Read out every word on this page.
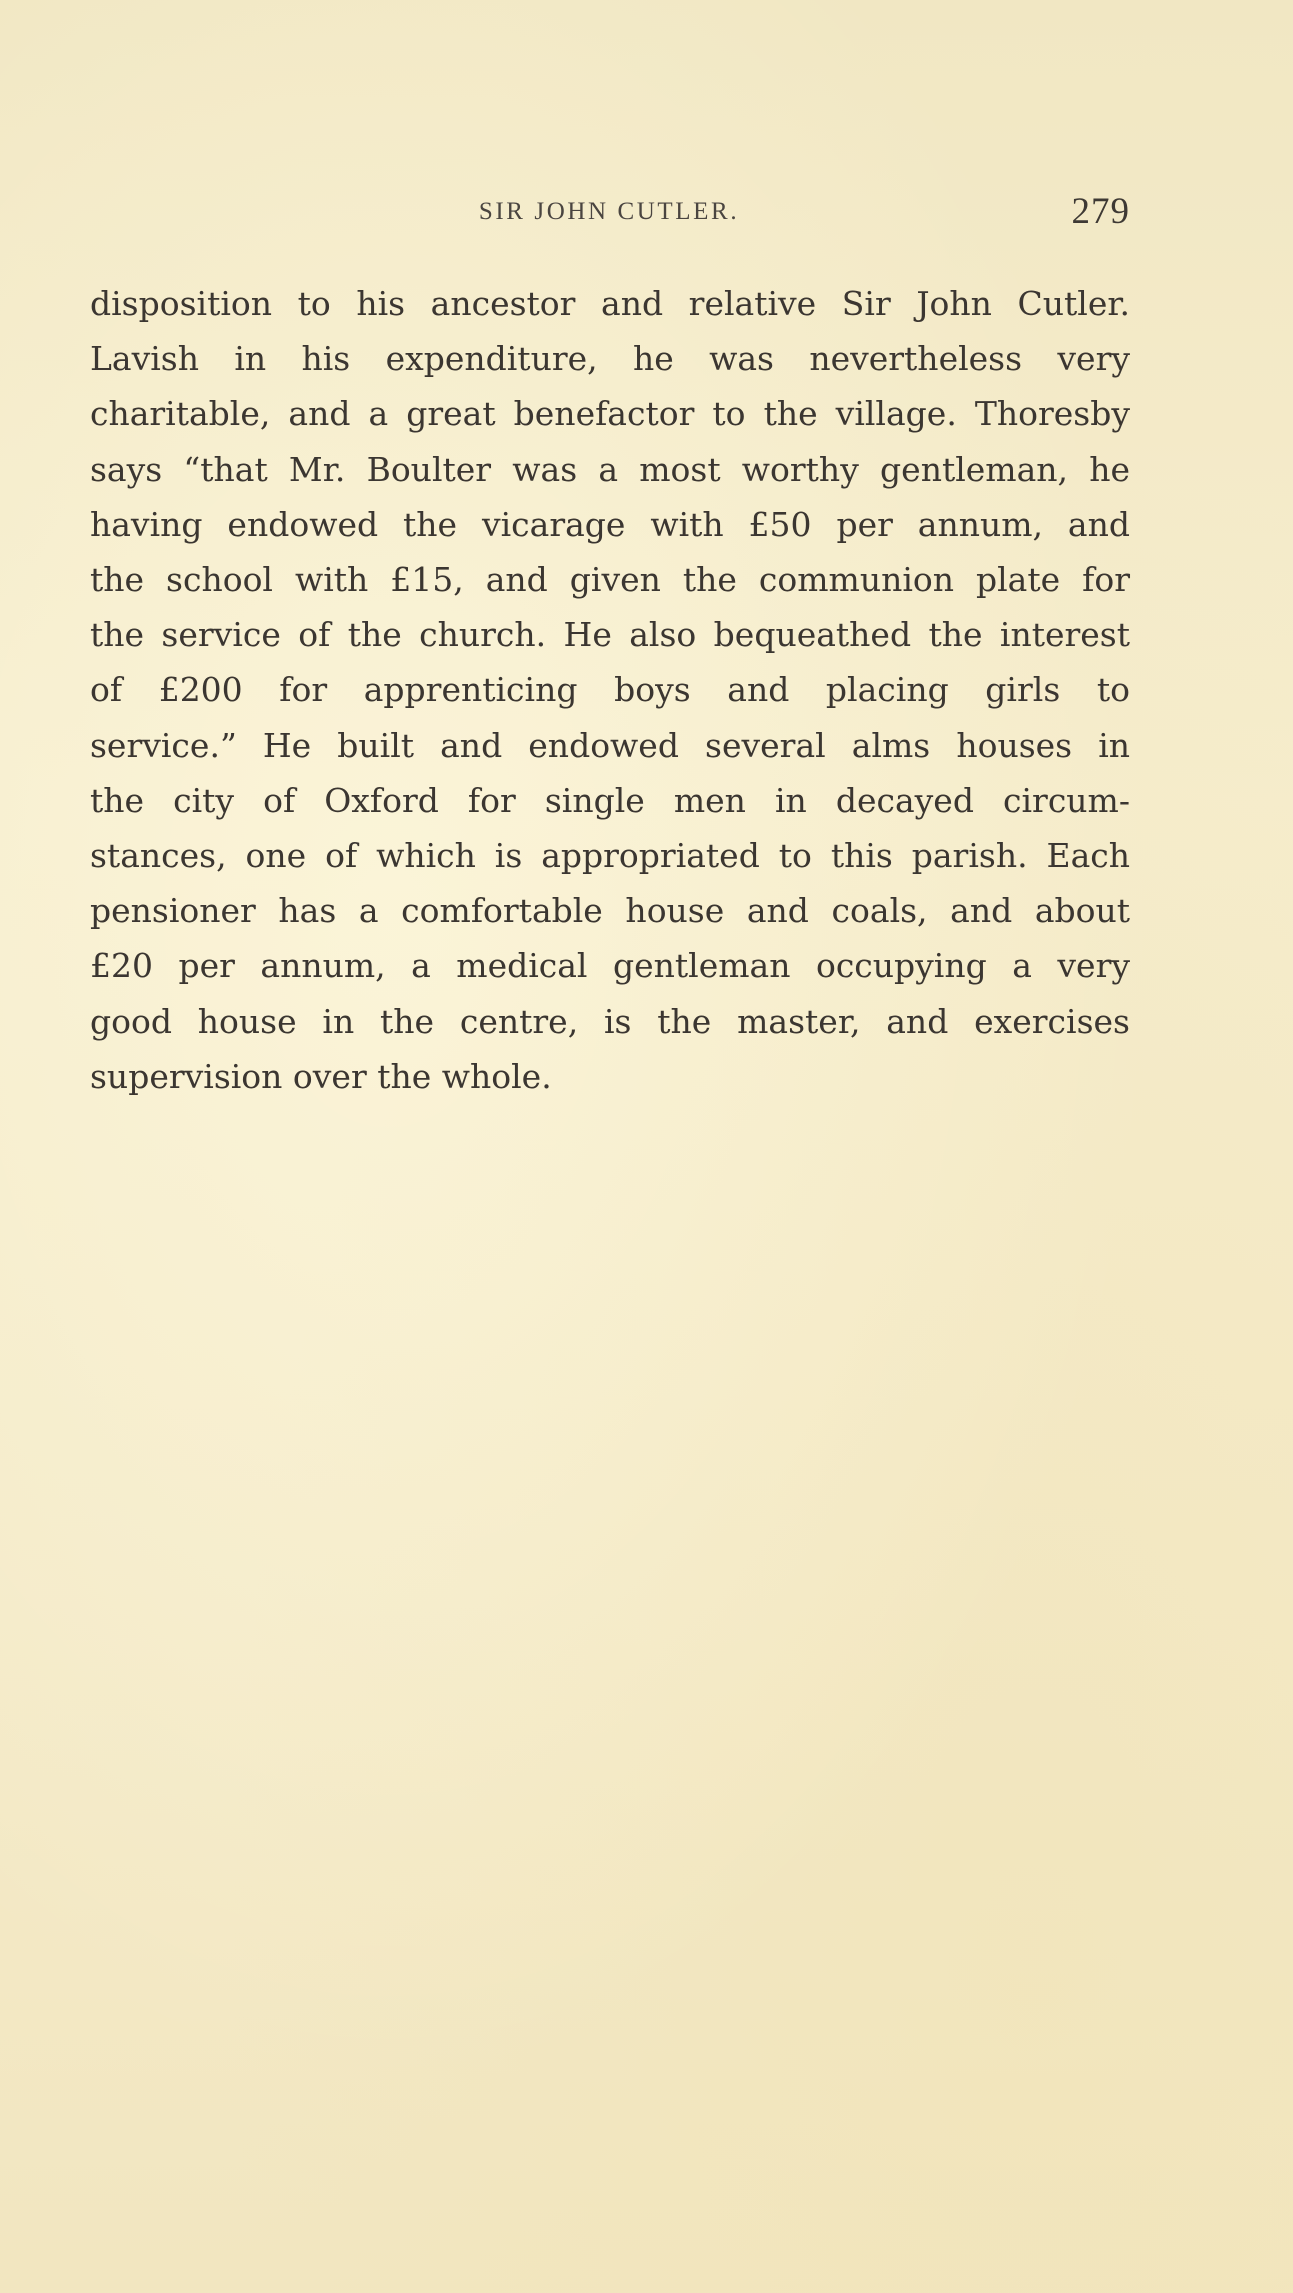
SIR JOHN CUTLER.	279
disposition to his ancestor and relative Sir John Cutler.
Lavish in his expenditure, he was nevertheless very
charitable, and a great benefactor to the village. Thoresby
says “that Mr. Boulter was a most worthy gentleman, he
having endowed the vicarage with £50 per annum, and
the school with £15, and given the communion plate for
the service of the church. He also bequeathed the interest
of £200 for apprenticing boys and placing girls to
service.” He built and endowed several alms houses in
the city of Oxford for single men in decayed circum-
stances, one of which is appropriated to this parish. Each
pensioner has a comfortable house and coals, and about
£20 per annum, a medical gentleman occupying a very
good house in the centre, is the master, and exercises
supervision over the whole.
